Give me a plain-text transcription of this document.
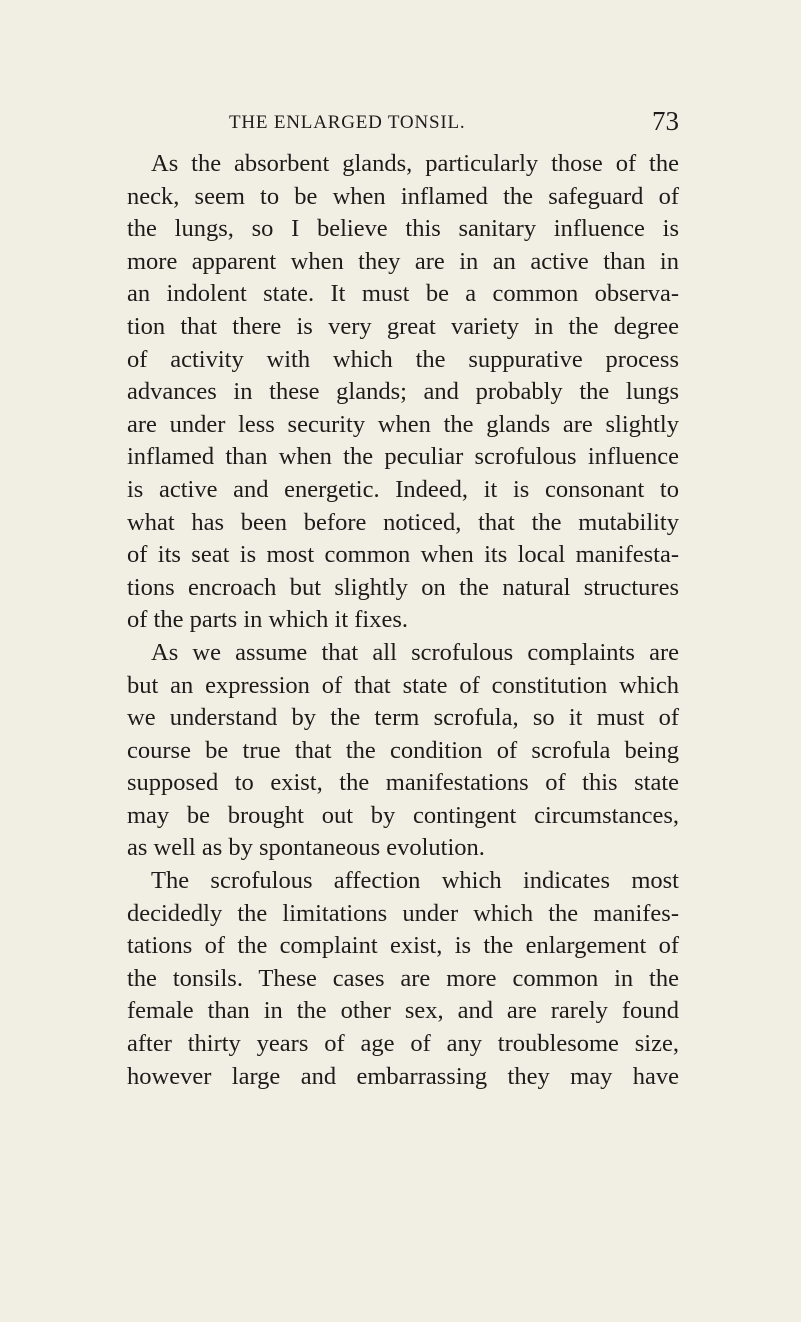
THE ENLARGED TONSIL.	73
As the absorbent glands, particularly those of the
neck, seem to be when inflamed the safeguard of
the lungs, so I believe this sanitary influence is
more apparent when they are in an active than in
an indolent state. It must be a common observa-
tion that there is very great variety in the degree
of activity with which the suppurative process
advances in these glands; and probably the lungs
are under less security when the glands are slightly
inflamed than when the peculiar scrofulous influence
is active and energetic. Indeed, it is consonant to
what has been before noticed, that the mutability
of its seat is most common when its local manifesta-
tions encroach but slightly on the natural structures
of the parts in which it fixes.
As we assume that all scrofulous complaints are
but an expression of that state of constitution which
we understand by the term scrofula, so it must of
course be true that the condition of scrofula being
supposed to exist, the manifestations of this state
may be brought out by contingent circumstances,
as well as by spontaneous evolution.
The scrofulous affection which indicates most
decidedly the limitations under which the manifes-
tations of the complaint exist, is the enlargement of
the tonsils. These cases are more common in the
female than in the other sex, and are rarely found
after thirty years of age of any troublesome size,
however large and embarrassing they may have
